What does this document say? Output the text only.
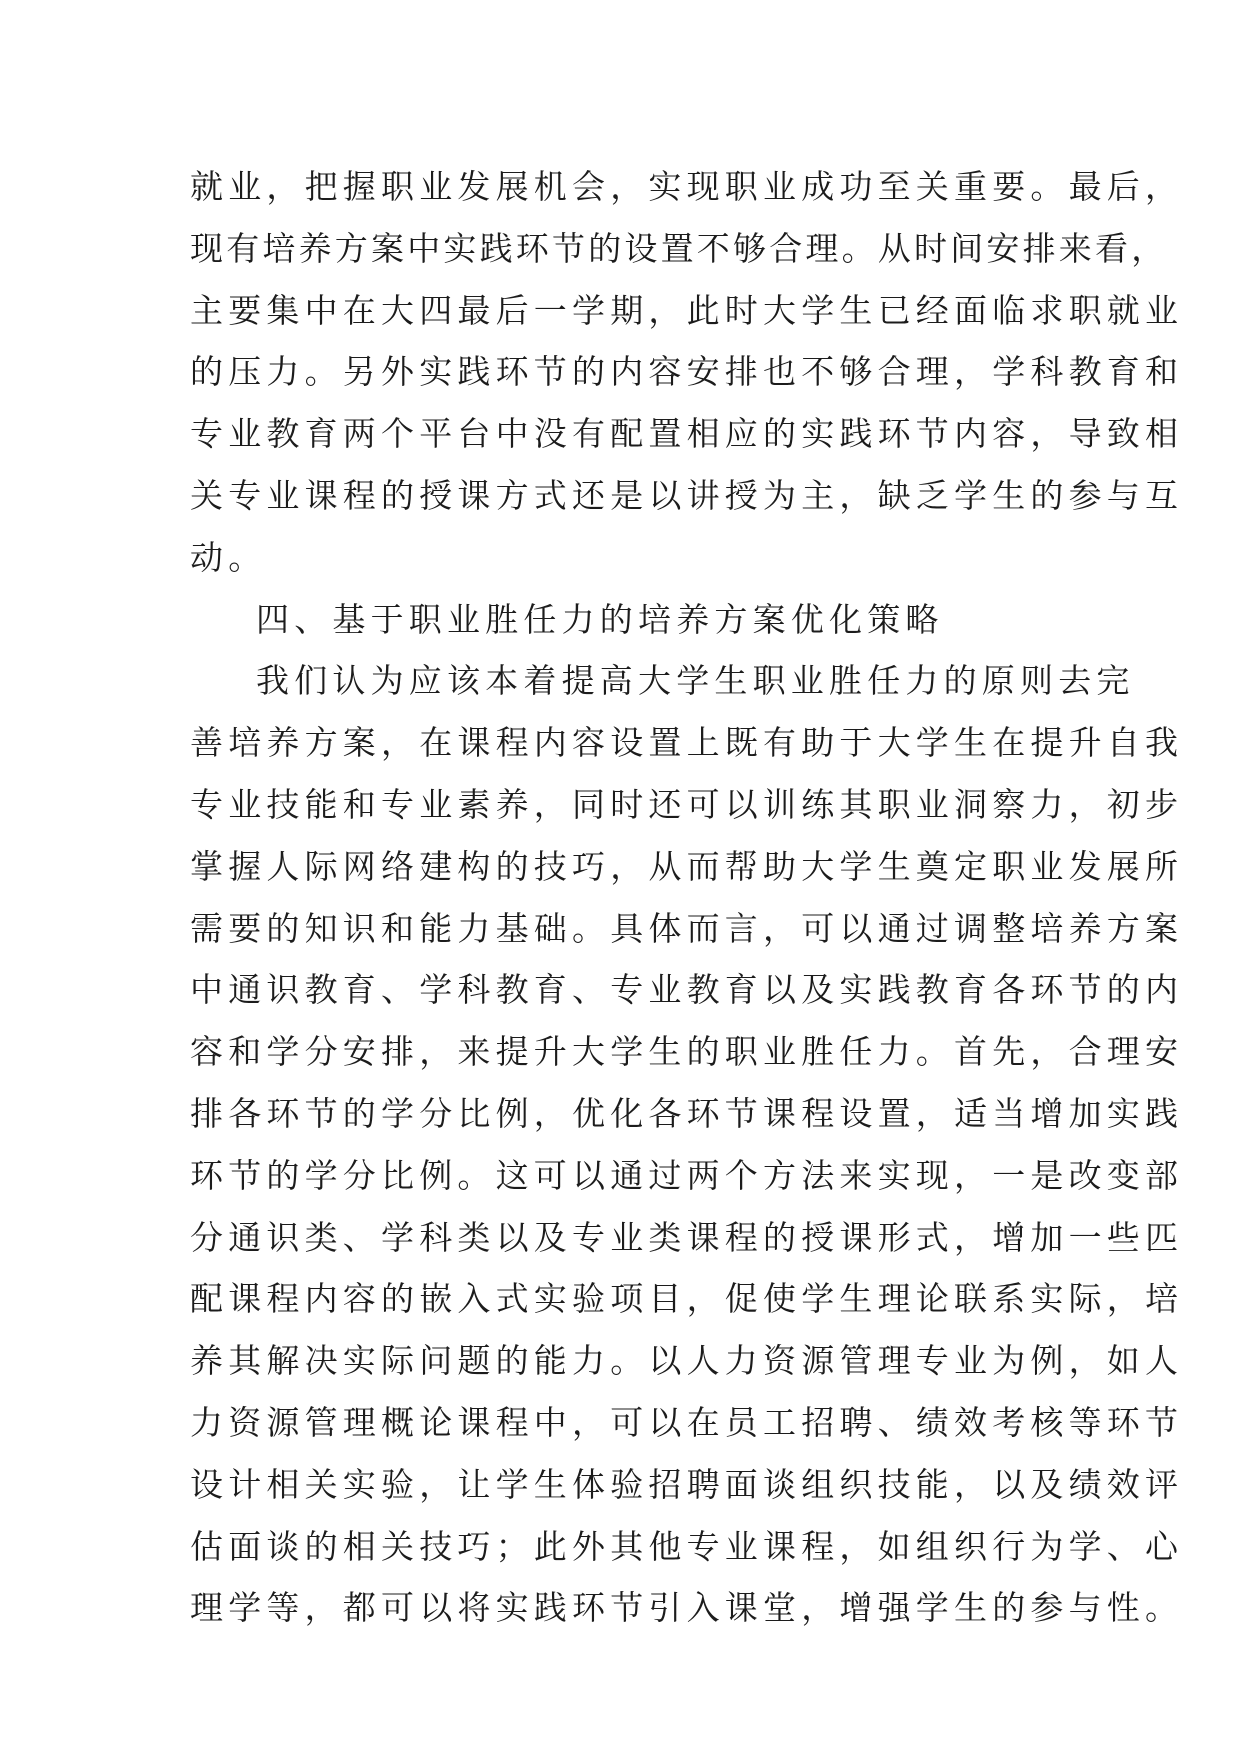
就业，把握职业发展机会，实现职业成功至关重要。最后，
现有培养方案中实践环节的设置不够合理。从时间安排来看，
主要集中在大四最后一学期，此时大学生已经面临求职就业
的压力。另外实践环节的内容安排也不够合理，学科教育和
专业教育两个平台中没有配置相应的实践环节内容，导致相
关专业课程的授课方式还是以讲授为主，缺乏学生的参与互
动。
四、基于职业胜任力的培养方案优化策略
我们认为应该本着提高大学生职业胜任力的原则去完
善培养方案，在课程内容设置上既有助于大学生在提升自我
专业技能和专业素养，同时还可以训练其职业洞察力，初步
掌握人际网络建构的技巧，从而帮助大学生奠定职业发展所
需要的知识和能力基础。具体而言，可以通过调整培养方案
中通识教育、学科教育、专业教育以及实践教育各环节的内
容和学分安排，来提升大学生的职业胜任力。首先，合理安
排各环节的学分比例，优化各环节课程设置，适当增加实践
环节的学分比例。这可以通过两个方法来实现，一是改变部
分通识类、学科类以及专业类课程的授课形式，增加一些匹
配课程内容的嵌入式实验项目，促使学生理论联系实际，培
养其解决实际问题的能力。以人力资源管理专业为例，如人
力资源管理概论课程中，可以在员工招聘、绩效考核等环节
设计相关实验，让学生体验招聘面谈组织技能，以及绩效评
估面谈的相关技巧；此外其他专业课程，如组织行为学、心
理学等，都可以将实践环节引入课堂，增强学生的参与性。
